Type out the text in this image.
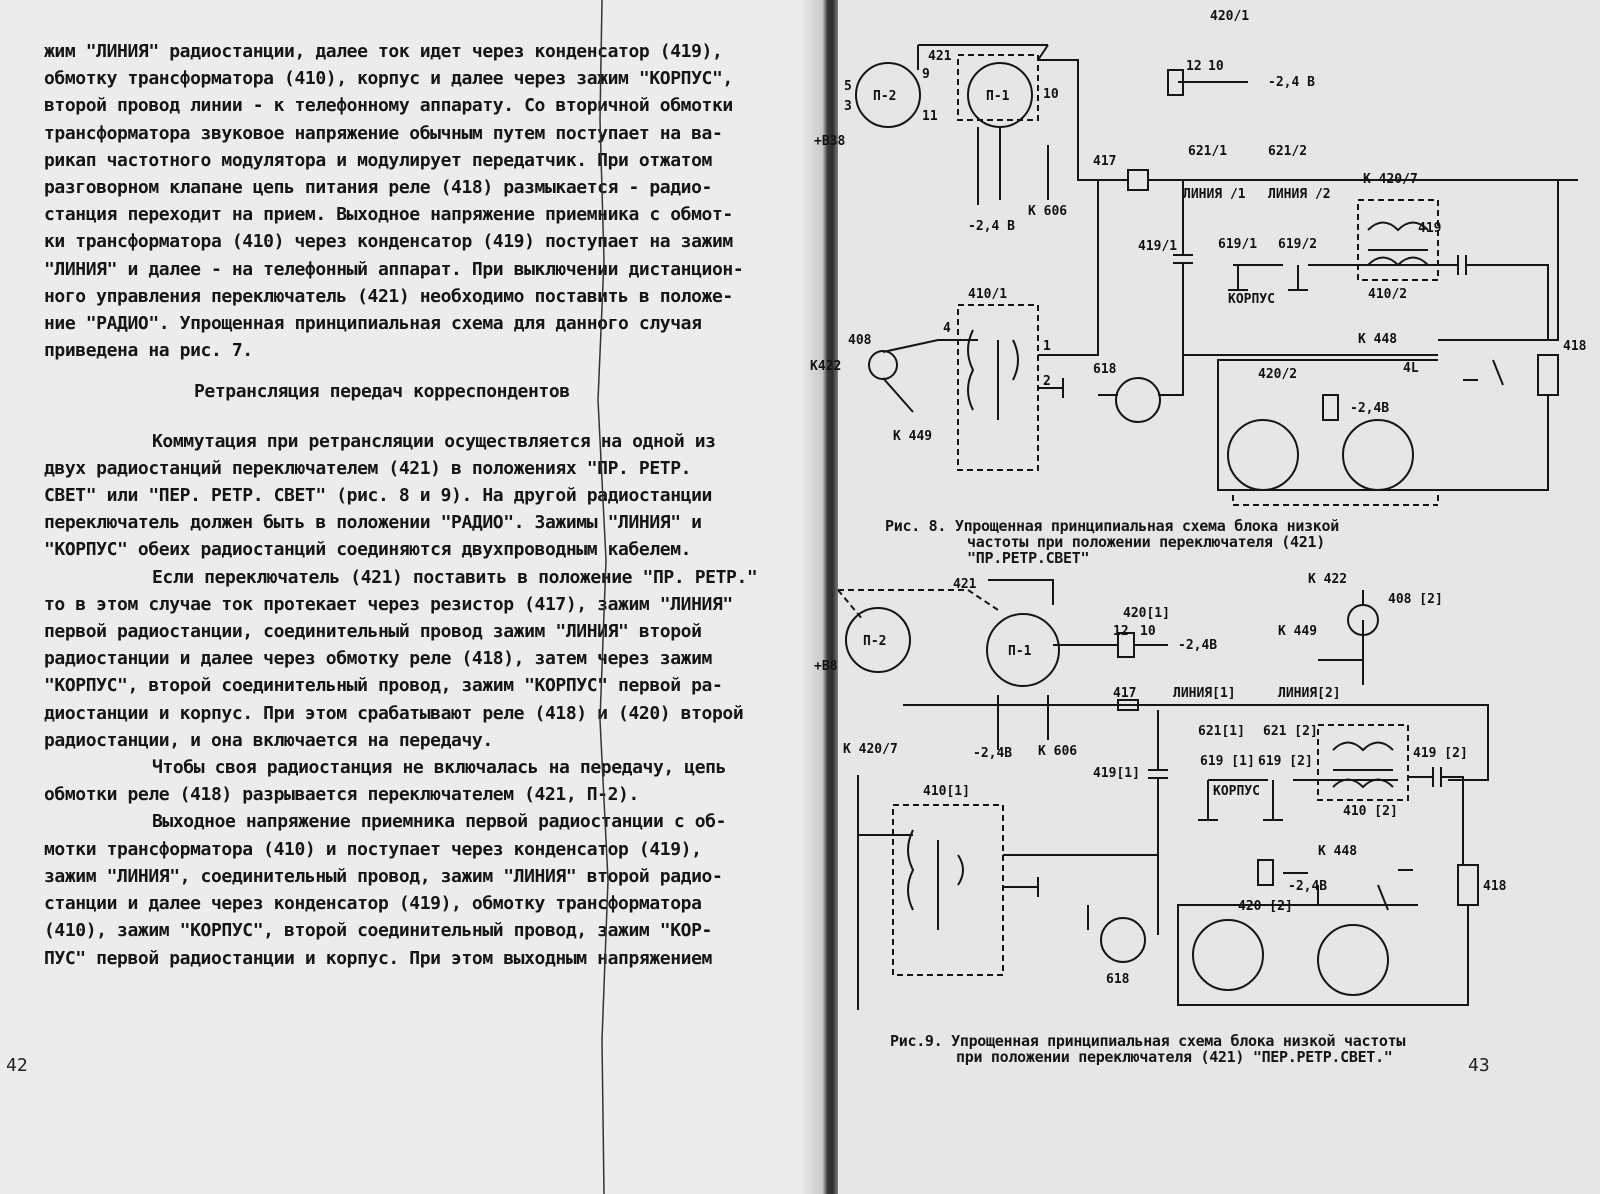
жим "ЛИНИЯ" радиостанции, далее ток идет через конденсатор (419),

обмотку трансформатора (410), корпус и далее через зажим "КОРПУС",

второй провод линии - к телефонному аппарату. Со вторичной обмотки

трансформатора звуковое напряжение обычным путем поступает на ва-

рикап частотного модулятора и модулирует передатчик. При отжатом

разговорном клапане цепь питания реле (418) размыкается - радио-

станция переходит на прием. Выходное напряжение приемника с обмот-

ки трансформатора (410) через конденсатор (419) поступает на зажим

"ЛИНИЯ" и далее - на телефонный аппарат. При выключении дистанцион-

ного управления переключатель (421) необходимо поставить в положе-

ние "РАДИО". Упрощенная принципиальная схема для данного случая

приведена на рис. 7.

Ретрансляция передач корреспондентов

Коммутация при ретрансляции осуществляется на одной из

двух радиостанций переключателем (421) в положениях "ПР. РЕТР.

СВЕТ" или "ПЕР. РЕТР. СВЕТ" (рис. 8 и 9). На другой радиостанции

переключатель должен быть в положении "РАДИО". Зажимы "ЛИНИЯ" и

"КОРПУС" обеих радиостанций соединяются двухпроводным кабелем.

Если переключатель (421) поставить в положение "ПР. РЕТР."

то в этом случае ток протекает через резистор (417), зажим "ЛИНИЯ"

первой радиостанции, соединительный провод зажим "ЛИНИЯ" второй

радиостанции и далее через обмотку реле (418), затем через зажим

"КОРПУС", второй соединительный провод, зажим "КОРПУС" первой ра-

диостанции и корпус. При этом срабатывают реле (418) и (420) второй

радиостанции, и она включается на передачу.

Чтобы своя радиостанция не включалась на передачу, цепь

обмотки реле (418) разрывается переключателем (421, П-2).

Выходное напряжение приемника первой радиостанции с об-

мотки трансформатора (410) и поступает через конденсатор (419),

зажим "ЛИНИЯ", соединительный провод, зажим "ЛИНИЯ" второй радио-

станции и далее через конденсатор (419), обмотку трансформатора

(410), зажим "КОРПУС", второй соединительный провод, зажим "КОР-

ПУС" первой радиостанции и корпус. При этом выходным напряжением

42
420/1
12 10
-2,4 В
421
П-2	П-1
5
3
9
11
10
+В38
417
621/1	621/2
ЛИНИЯ /1 ЛИНИЯ /2
К 420/7
-2,4 В
К 606
419/1	619/1 619/2
КОРПУС
419
410/2
410/1
408
К422
К 449
К 448
420/2
418
618
-2,4В
4
1
2
4L
Рис. 8. Упрощенная принципиальная схема блока низкой
частоты при положении переключателя (421)
"ПР.РЕТР.СВЕТ"
421
П-2
П-1
+В8
420[1]
12 10
-2,4В
К 422
408 [2]
К 449
417	ЛИНИЯ[1]	ЛИНИЯ[2]
621[1] 621 [2]
К 420/7	-2,4В К 606
419[1]
619 [1] 619 [2]
КОРПУС
419 [2]
410[1]
410 [2]
К 448
420 [2]
418
-2,4В
618
Рис.9. Упрощенная принципиальная схема блока низкой частоты
при положении переключателя (421) "ПЕР.РЕТР.СВЕТ."	43
